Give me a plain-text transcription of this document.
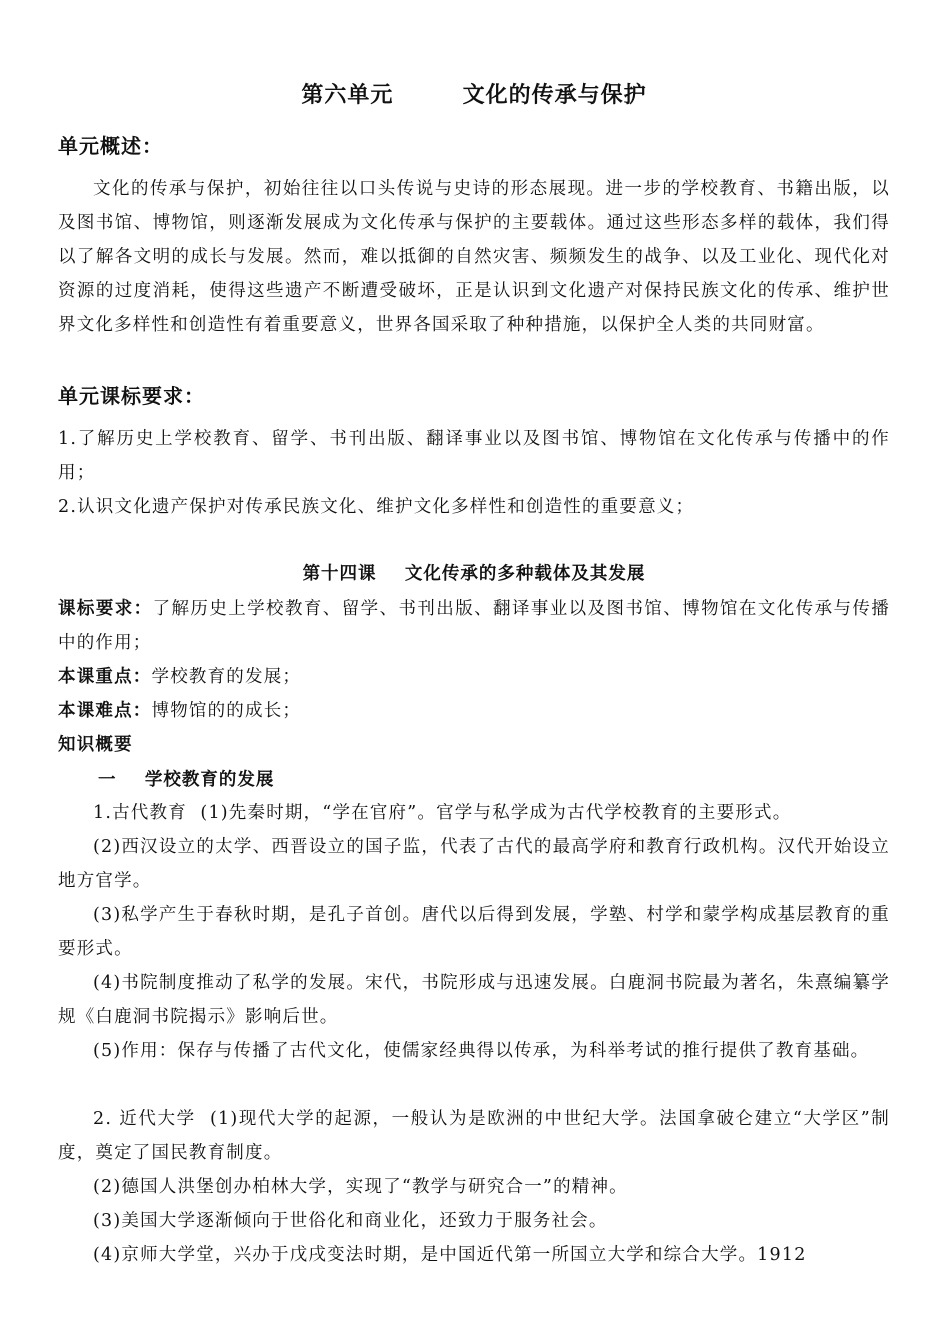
第六单元        文化的传承与保护
单元概述：
文化的传承与保护，初始往往以口头传说与史诗的形态展现。进一步的学校教育、书籍出版，以及图书馆、博物馆，则逐渐发展成为文化传承与保护的主要载体。通过这些形态多样的载体，我们得以了解各文明的成长与发展。然而，难以抵御的自然灾害、频频发生的战争、以及工业化、现代化对资源的过度消耗，使得这些遗产不断遭受破坏，正是认识到文化遗产对保持民族文化的传承、维护世界文化多样性和创造性有着重要意义，世界各国采取了种种措施，以保护全人类的共同财富。
单元课标要求：
1.了解历史上学校教育、留学、书刊出版、翻译事业以及图书馆、博物馆在文化传承与传播中的作用；
2.认识文化遗产保护对传承民族文化、维护文化多样性和创造性的重要意义；
第十四课    文化传承的多种载体及其发展
课标要求：了解历史上学校教育、留学、书刊出版、翻译事业以及图书馆、博物馆在文化传承与传播中的作用；
本课重点：学校教育的发展；
本课难点：博物馆的的成长；
知识概要
一    学校教育的发展
1.古代教育  (1)先秦时期，“学在官府”。官学与私学成为古代学校教育的主要形式。
(2)西汉设立的太学、西晋设立的国子监，代表了古代的最高学府和教育行政机构。汉代开始设立地方官学。
(3)私学产生于春秋时期，是孔子首创。唐代以后得到发展，学塾、村学和蒙学构成基层教育的重要形式。
(4)书院制度推动了私学的发展。宋代，书院形成与迅速发展。白鹿洞书院最为著名，朱熹编纂学规《白鹿洞书院揭示》影响后世。
(5)作用：保存与传播了古代文化，使儒家经典得以传承，为科举考试的推行提供了教育基础。
2. 近代大学  (1)现代大学的起源，一般认为是欧洲的中世纪大学。法国拿破仑建立“大学区”制度，奠定了国民教育制度。
(2)德国人洪堡创办柏林大学，实现了“教学与研究合一”的精神。
(3)美国大学逐渐倾向于世俗化和商业化，还致力于服务社会。
(4)京师大学堂，兴办于戊戌变法时期，是中国近代第一所国立大学和综合大学。1912
